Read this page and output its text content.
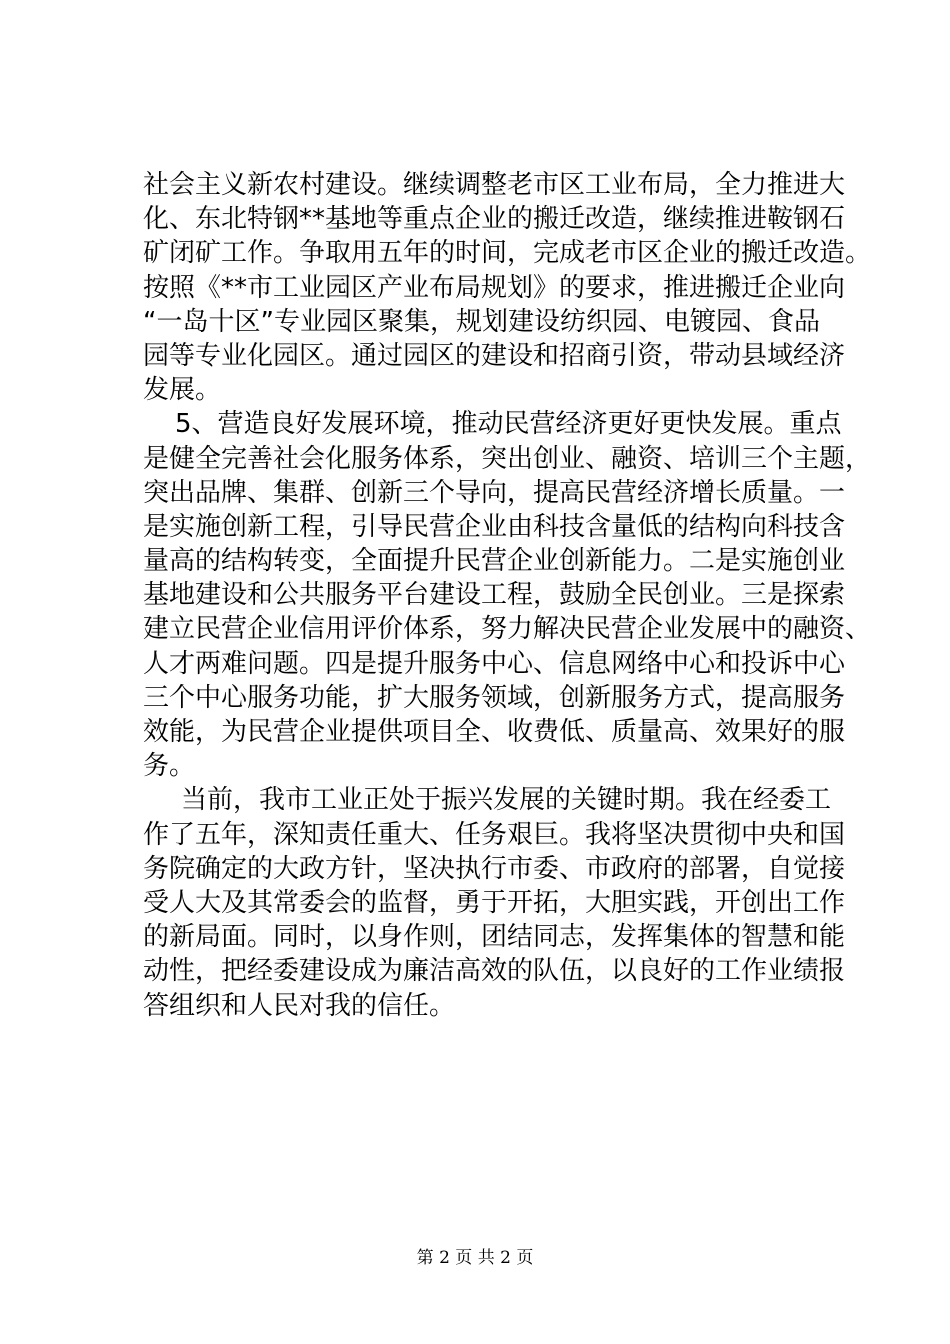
社会主义新农村建设。继续调整老市区工业布局，全力推进大
化、东北特钢**基地等重点企业的搬迁改造，继续推进鞍钢石
矿闭矿工作。争取用五年的时间，完成老市区企业的搬迁改造。
按照《**市工业园区产业布局规划》的要求，推进搬迁企业向
“一岛十区”专业园区聚集，规划建设纺织园、电镀园、食品
园等专业化园区。通过园区的建设和招商引资，带动县域经济
发展。
5、营造良好发展环境，推动民营经济更好更快发展。重点
是健全完善社会化服务体系，突出创业、融资、培训三个主题，
突出品牌、集群、创新三个导向，提高民营经济增长质量。一
是实施创新工程，引导民营企业由科技含量低的结构向科技含
量高的结构转变，全面提升民营企业创新能力。二是实施创业
基地建设和公共服务平台建设工程，鼓励全民创业。三是探索
建立民营企业信用评价体系，努力解决民营企业发展中的融资、
人才两难问题。四是提升服务中心、信息网络中心和投诉中心
三个中心服务功能，扩大服务领域，创新服务方式，提高服务
效能，为民营企业提供项目全、收费低、质量高、效果好的服
务。
当前，我市工业正处于振兴发展的关键时期。我在经委工
作了五年，深知责任重大、任务艰巨。我将坚决贯彻中央和国
务院确定的大政方针，坚决执行市委、市政府的部署，自觉接
受人大及其常委会的监督，勇于开拓，大胆实践，开创出工作
的新局面。同时，以身作则，团结同志，发挥集体的智慧和能
动性，把经委建设成为廉洁高效的队伍，以良好的工作业绩报
答组织和人民对我的信任。
第 2 页 共 2 页
